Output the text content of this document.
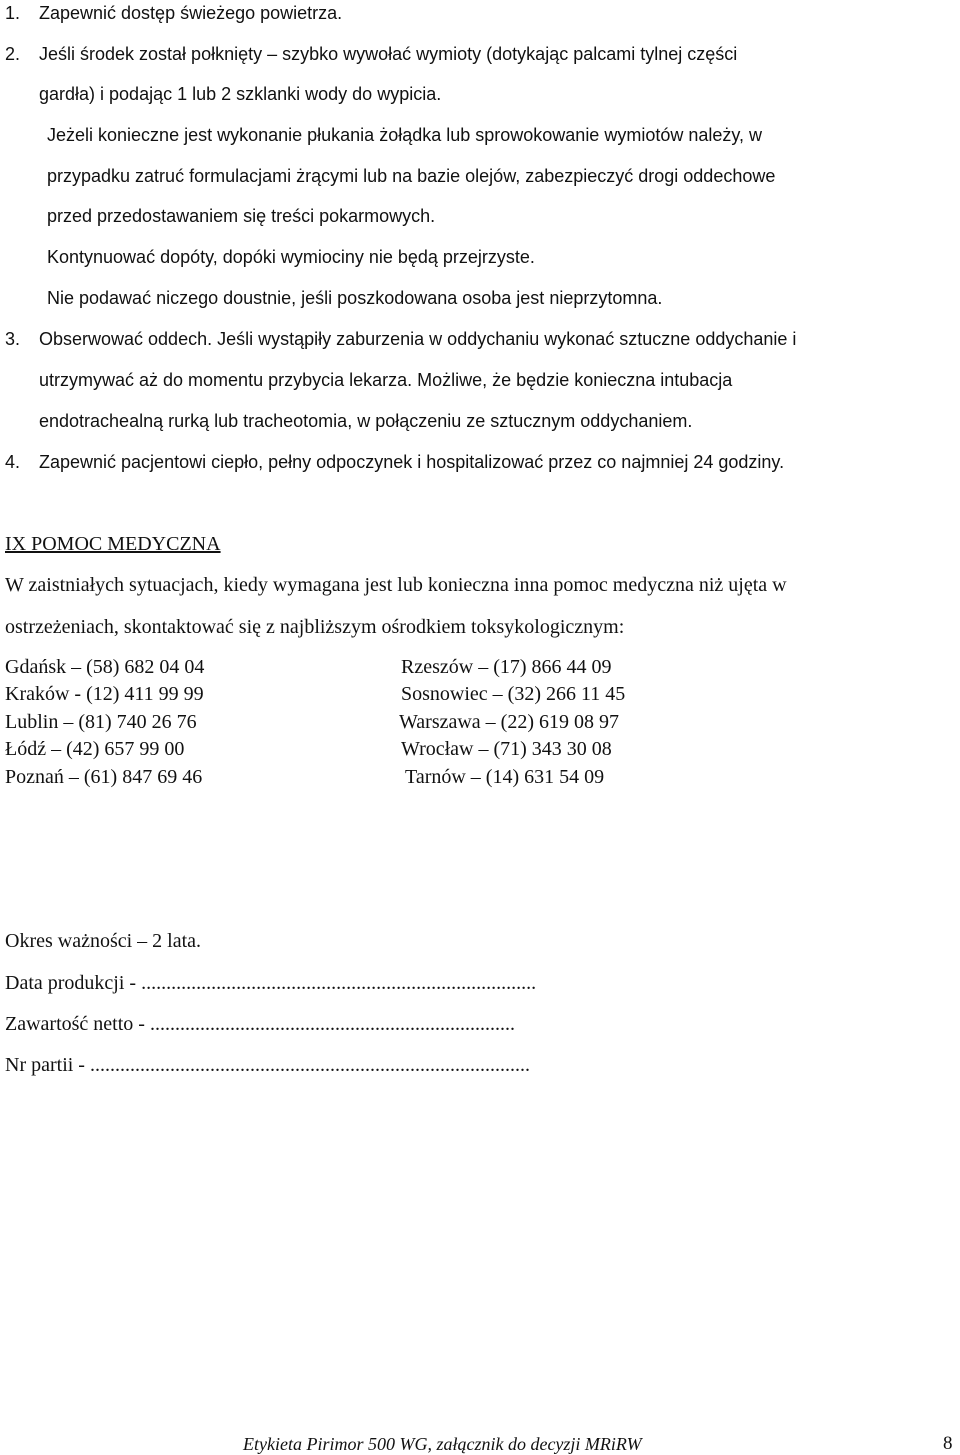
1. Zapewnić dostęp świeżego powietrza.
2. Jeśli środek został połknięty – szybko wywołać wymioty (dotykając palcami tylnej części
gardła) i podając 1 lub 2 szklanki wody do wypicia.
Jeżeli konieczne jest wykonanie płukania żołądka lub sprowokowanie wymiotów należy, w
przypadku zatruć formulacjami żrącymi lub na bazie olejów, zabezpieczyć drogi oddechowe
przed przedostawaniem się treści pokarmowych.
Kontynuować dopóty, dopóki wymiociny nie będą przejrzyste.
Nie podawać niczego doustnie, jeśli poszkodowana osoba jest nieprzytomna.
3. Obserwować oddech. Jeśli wystąpiły zaburzenia w oddychaniu wykonać sztuczne oddychanie i
utrzymywać aż do momentu przybycia lekarza. Możliwe, że będzie konieczna intubacja
endotrachealną rurką lub tracheotomia, w połączeniu ze sztucznym oddychaniem.
4. Zapewnić pacjentowi ciepło, pełny odpoczynek i hospitalizować przez co najmniej 24 godziny.
IX POMOC MEDYCZNA
W zaistniałych sytuacjach, kiedy wymagana jest lub konieczna inna pomoc medyczna niż ujęta w
ostrzeżeniach, skontaktować się z najbliższym ośrodkiem toksykologicznym:
Gdańsk – (58) 682 04 04
Kraków - (12) 411 99 99
Lublin – (81) 740 26 76
Łódź – (42) 657 99 00
Poznań – (61) 847 69 46
Rzeszów – (17) 866 44 09
Sosnowiec – (32) 266 11 45
Warszawa – (22) 619 08 97
Wrocław – (71) 343 30 08
Tarnów – (14) 631 54 09
Okres ważności – 2 lata.
Data produkcji - ...............................................................................
Zawartość netto - .........................................................................
Nr partii - ........................................................................................
Etykieta Pirimor 500 WG, załącznik do decyzji MRiRW	8
